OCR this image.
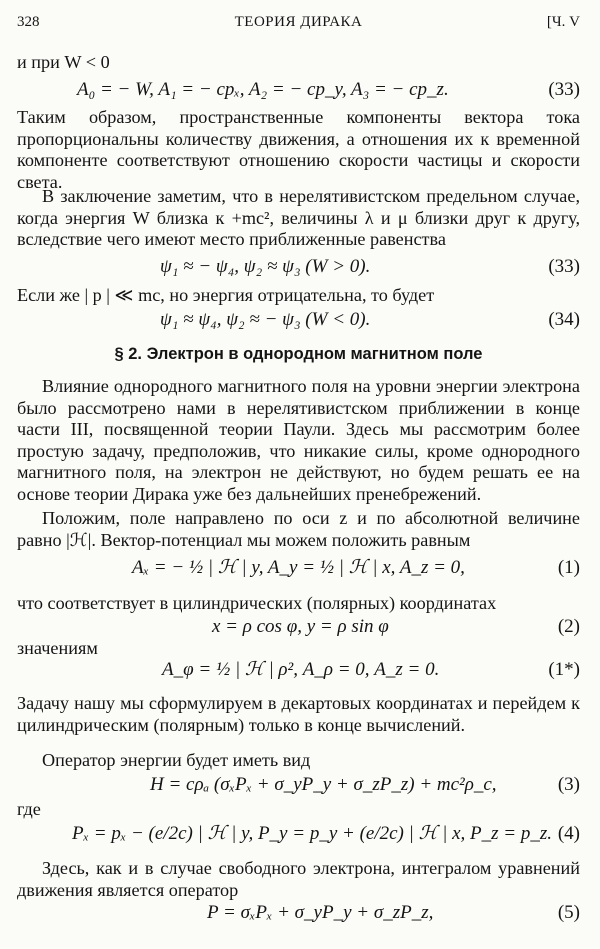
328	ТЕОРИЯ ДИРАКА	[Ч. V

и при W < 0

A₀ = − W, A₁ = − cpₓ, A₂ = − cp_y, A₃ = − cp_z.	(33)

Таким образом, пространственные компоненты вектора тока пропорциональны количеству движения, а отношения их к временной компоненте соответствуют отношению скорости частицы и скорости света.

В заключение заметим, что в нерелятивистском предельном случае, когда энергия W близка к +mc², величины λ и μ близки друг к другу, вследствие чего имеют место приближенные равенства

ψ₁ ≈ − ψ₄, ψ₂ ≈ ψ₃ (W > 0).	(33)

Если же | p | ≪ mc, но энергия отрицательна, то будет

ψ₁ ≈ ψ₄, ψ₂ ≈ − ψ₃ (W < 0).	(34)
§ 2. Электрон в однородном магнитном поле

Влияние однородного магнитного поля на уровни энергии электрона было рассмотрено нами в нерелятивистском приближении в конце части III, посвященной теории Паули. Здесь мы рассмотрим более простую задачу, предположив, что никакие силы, кроме однородного магнитного поля, на электрон не действуют, но будем решать ее на основе теории Дирака уже без дальнейших пренебрежений.

Положим, поле направлено по оси z и по абсолютной величине равно |ℋ|. Вектор-потенциал мы можем положить равным

Aₓ = − ½ | ℋ | y, A_y = ½ | ℋ | x, A_z = 0,	(1)

что соответствует в цилиндрических (полярных) координатах

x = ρ cos φ, y = ρ sin φ	(2)

значениям

A_φ = ½ | ℋ | ρ², A_ρ = 0, A_z = 0.	(1*)

Задачу нашу мы сформулируем в декартовых координатах и перейдем к цилиндрическим (полярным) только в конце вычислений.

Оператор энергии будет иметь вид

H = cρₐ (σₓPₓ + σ_yP_y + σ_zP_z) + mc²ρ_c,	(3)

где

Pₓ = pₓ − (e/2c) | ℋ | y, P_y = p_y + (e/2c) | ℋ | x, P_z = p_z. (4)

Здесь, как и в случае свободного электрона, интегралом уравнений движения является оператор

P = σₓPₓ + σ_yP_y + σ_zP_z,	(5)
